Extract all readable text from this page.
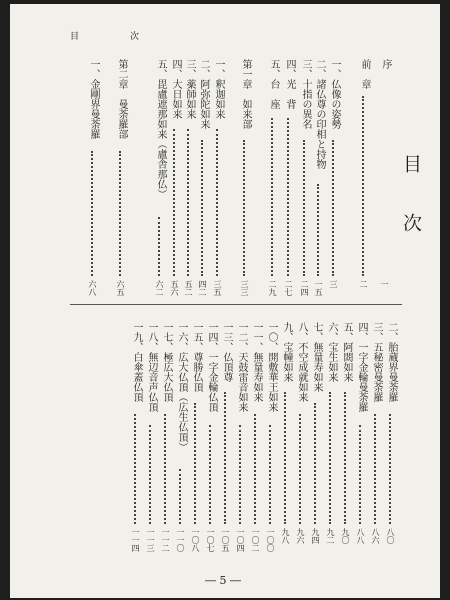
目	次
目次
― 5 ―
序
一
前　章
二
一、仏像の姿勢
三
二、諸仏尊の印相と持物
一五
三、十指の異名
二四
四、光　背
二七
五、台　座
二九
第一章　如来部
三三
一、釈迦如来
三五
二、阿弥陀如来
四二
三、薬師如来
五二
四、大日如来
五六
五、毘盧遮那如来（盧舎那仏）
六二
第二章　曼荼羅部
六五
一、金剛界曼荼羅
六八
二、胎蔵界曼荼羅
八〇
三、五秘密曼荼羅
八六
四、一字金輪曼荼羅
八八
五、阿閦如来
九〇
六、宝生如来
九二
七、無量寿如来
九四
八、不空成就如来
九六
九、宝幢如来
九八
一〇、開敷華王如来
一〇〇
一一、無量寿如来
一〇二
一二、天鼓雷音如来
一〇四
一三、仏頂尊
一〇五
一四、一字金輪仏頂
一〇七
一五、尊勝仏頂
一〇八
一六、広大仏頂（広生仏頂）
一一〇
一七、極広大仏頂
一一二
一八、無辺音声仏頂
一一三
一九、白傘蓋仏頂
一一四
